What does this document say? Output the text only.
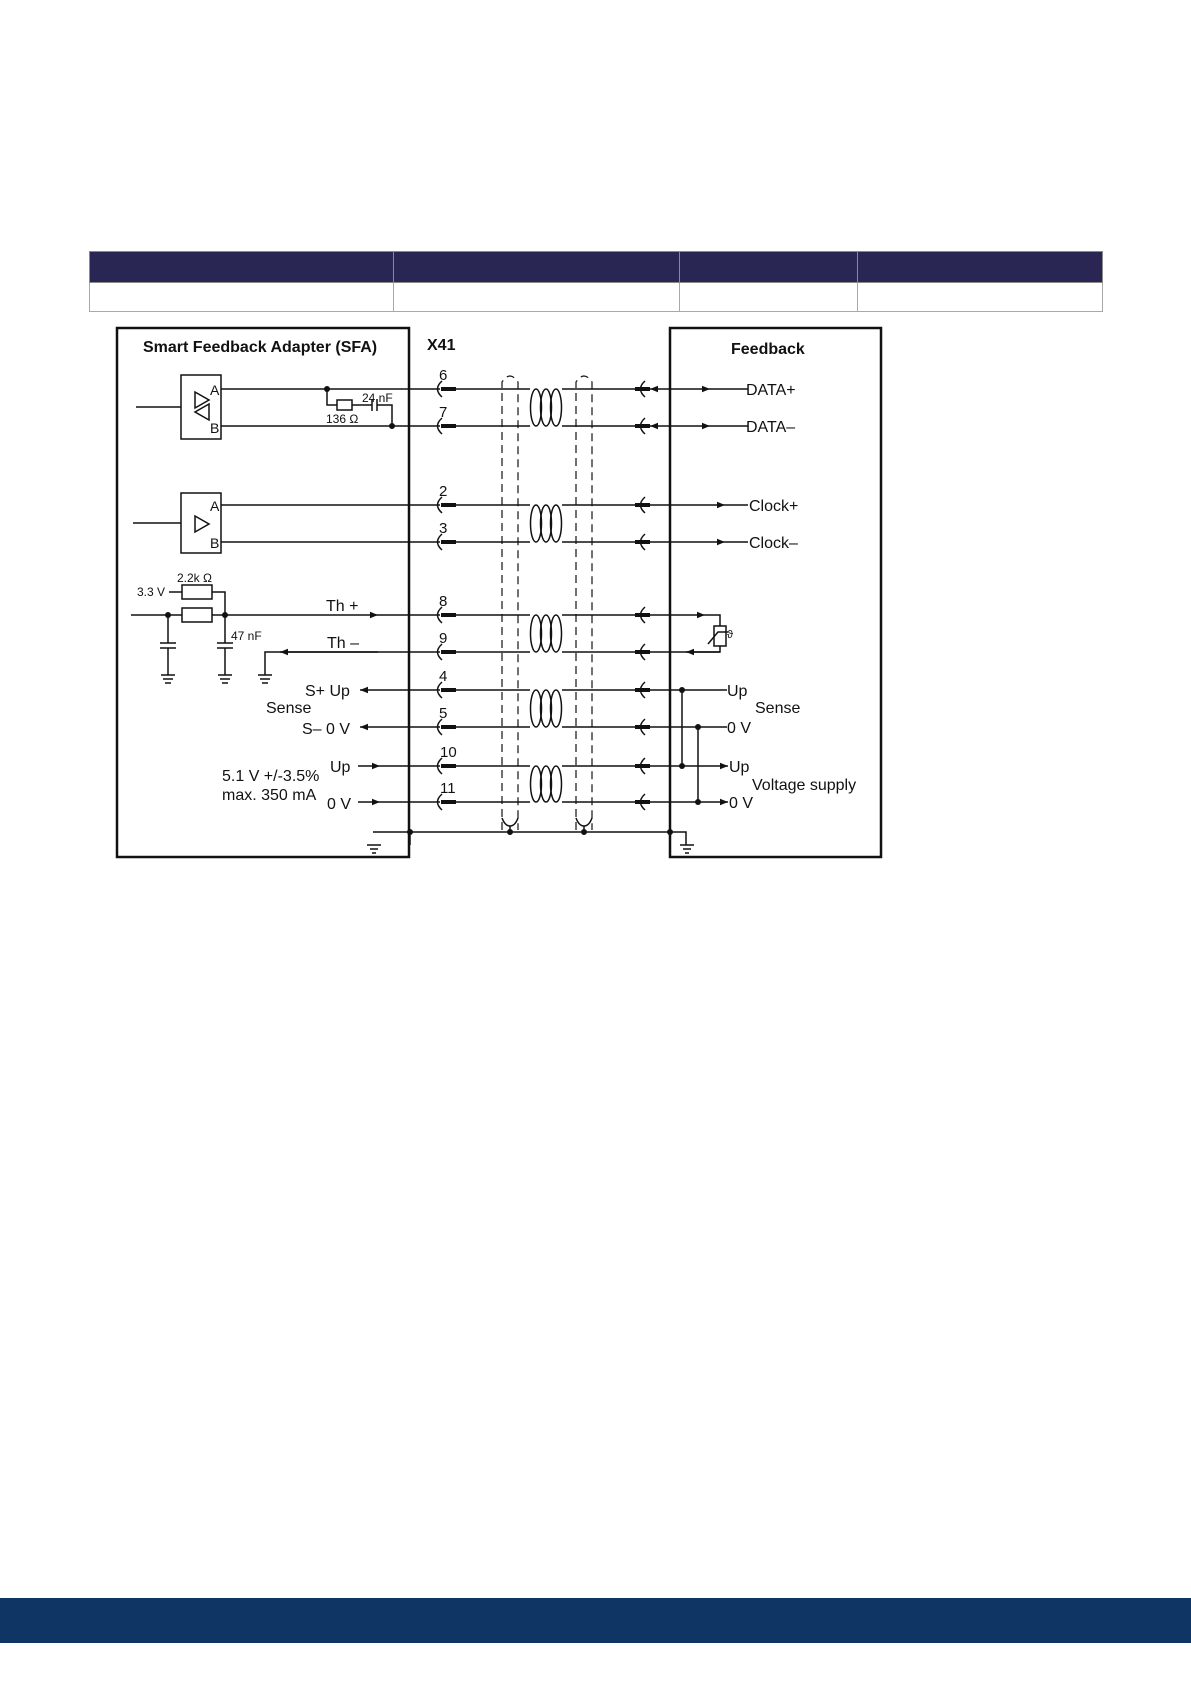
Smart Feedback Adapter (SFA)	X41	Feedback
A
B
A
B
136 Ω
24 nF
2.2k Ω
3.3 V
47 nF
Th +
Th –
S+ Up
Sense
S– 0 V
5.1 V +/-3.5%
max. 350 mA
Up
0 V
DATA+
DATA–
Clock+
Clock–
ϑ
Up
Sense
0 V
Up
Voltage supply
0 V
6
7
2
3
8
9
4
5
10
11
